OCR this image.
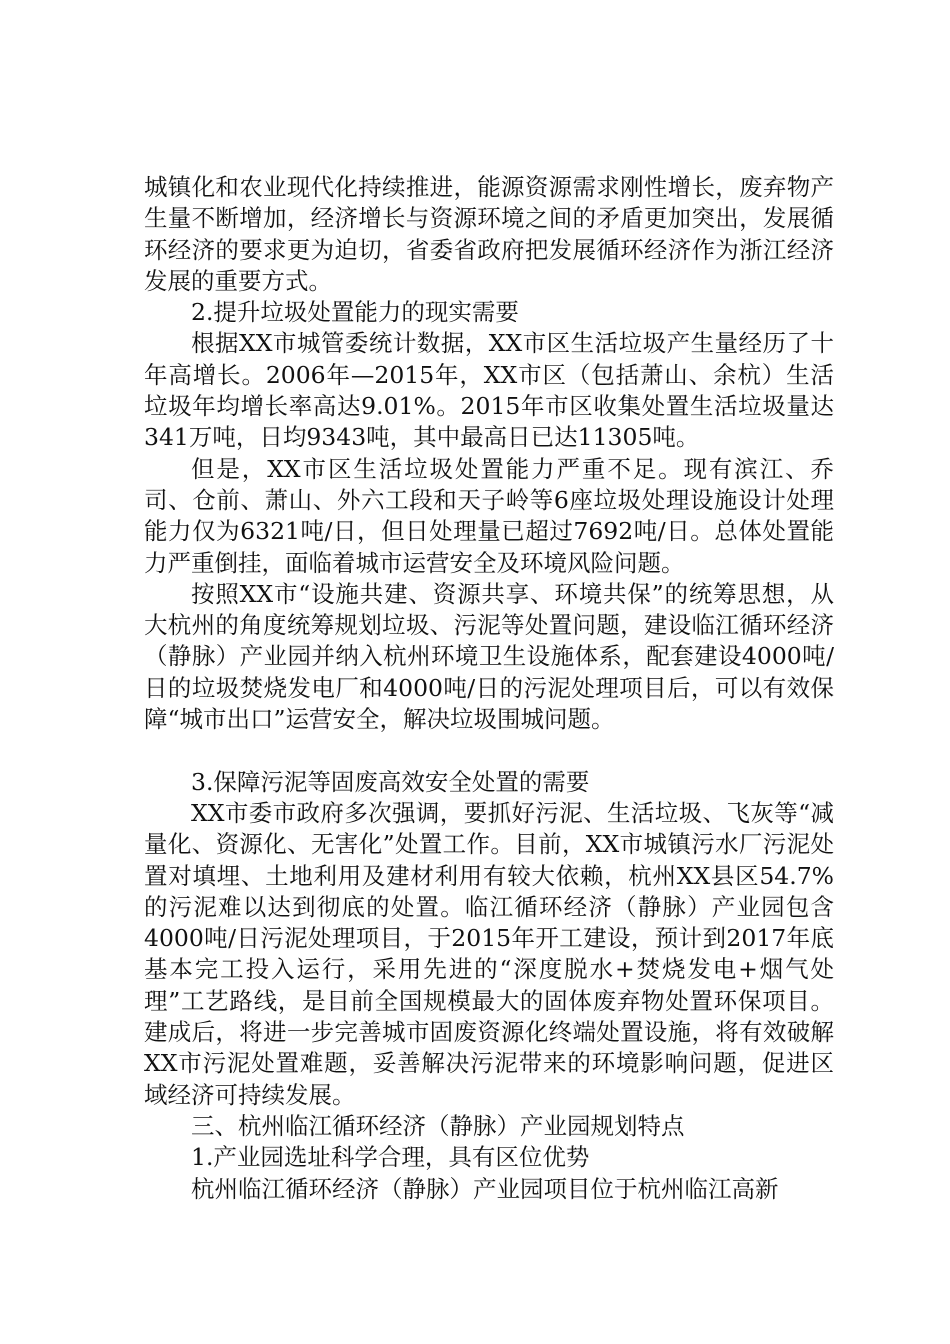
城镇化和农业现代化持续推进，能源资源需求刚性增长，废弃物产生量不断增加，经济增长与资源环境之间的矛盾更加突出，发展循环经济的要求更为迫切，省委省政府把发展循环经济作为浙江经济发展的重要方式。

2.提升垃圾处置能力的现实需要

根据XX市城管委统计数据，XX市区生活垃圾产生量经历了十年高增长。2006年—2015年，XX市区（包括萧山、余杭）生活垃圾年均增长率高达9.01%。2015年市区收集处置生活垃圾量达341万吨，日均9343吨，其中最高日已达11305吨。

但是，XX市区生活垃圾处置能力严重不足。现有滨江、乔司、仓前、萧山、外六工段和天子岭等6座垃圾处理设施设计处理能力仅为6321吨/日，但日处理量已超过7692吨/日。总体处置能力严重倒挂，面临着城市运营安全及环境风险问题。

按照XX市“设施共建、资源共享、环境共保”的统筹思想，从大杭州的角度统筹规划垃圾、污泥等处置问题，建设临江循环经济（静脉）产业园并纳入杭州环境卫生设施体系，配套建设4000吨/日的垃圾焚烧发电厂和4000吨/日的污泥处理项目后，可以有效保障“城市出口”运营安全，解决垃圾围城问题。

3.保障污泥等固废高效安全处置的需要

XX市委市政府多次强调，要抓好污泥、生活垃圾、飞灰等“减量化、资源化、无害化”处置工作。目前，XX市城镇污水厂污泥处置对填埋、土地利用及建材利用有较大依赖，杭州XX县区54.7%的污泥难以达到彻底的处置。临江循环经济（静脉）产业园包含4000吨/日污泥处理项目，于2015年开工建设，预计到2017年底基本完工投入运行，采用先进的“深度脱水+焚烧发电+烟气处理”工艺路线，是目前全国规模最大的固体废弃物处置环保项目。建成后，将进一步完善城市固废资源化终端处置设施，将有效破解XX市污泥处置难题，妥善解决污泥带来的环境影响问题，促进区域经济可持续发展。

三、杭州临江循环经济（静脉）产业园规划特点

1.产业园选址科学合理，具有区位优势

杭州临江循环经济（静脉）产业园项目位于杭州临江高新
